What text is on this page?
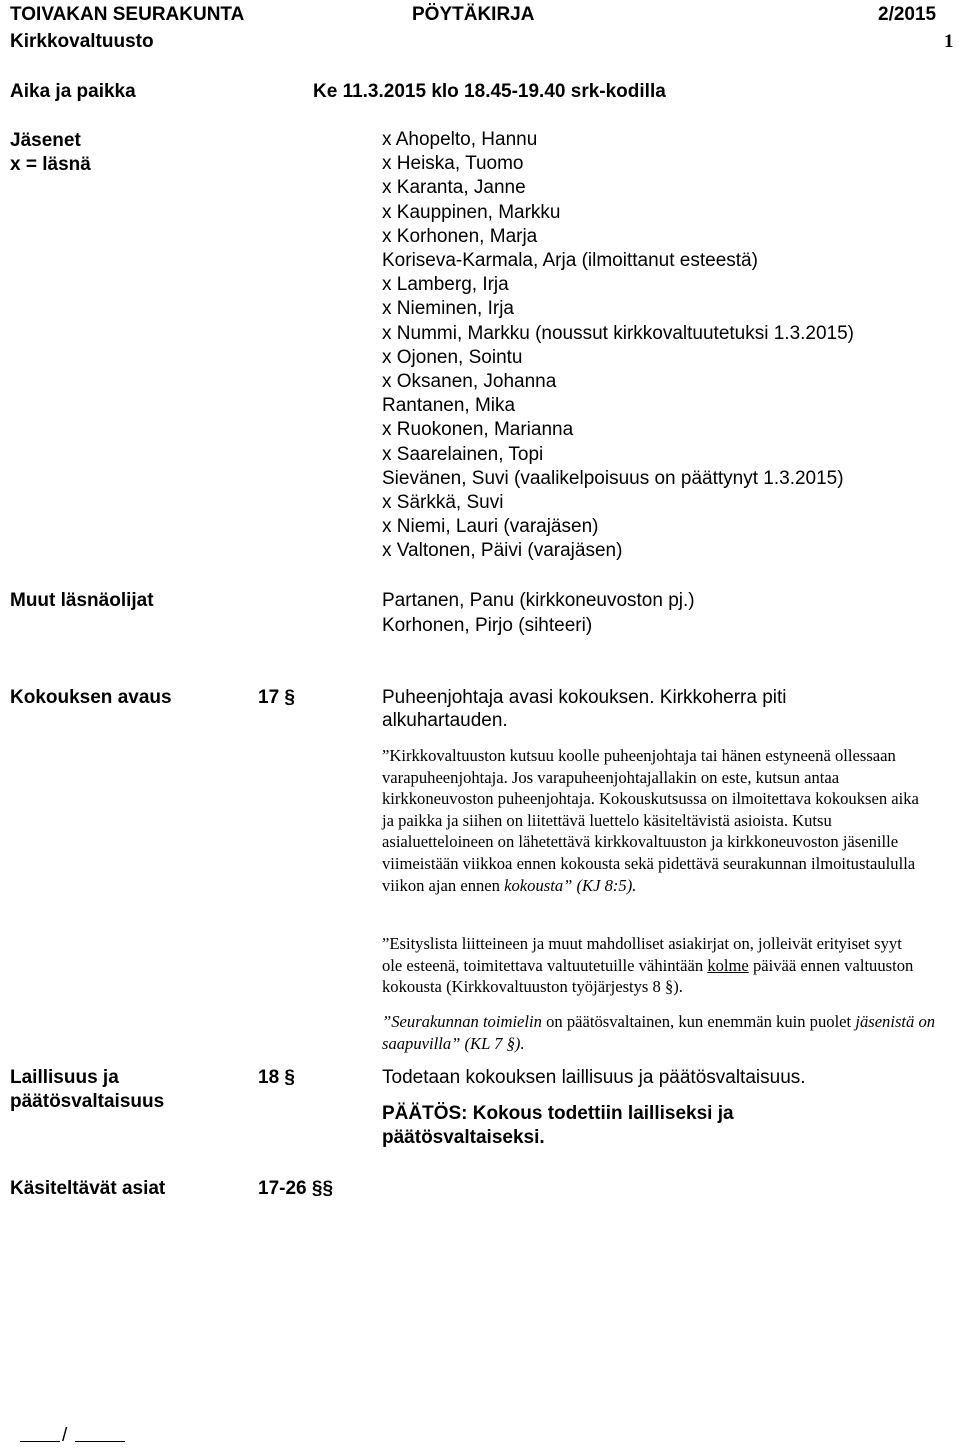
TOIVAKAN SEURAKUNTA	PÖYTÄKIRJA	2/2015
Kirkkovaltuusto	1
Aika ja paikka	Ke 11.3.2015 klo 18.45-19.40 srk-kodilla
Jäsenet
x = läsnä
x Ahopelto, Hannu
x Heiska, Tuomo
x Karanta, Janne
x Kauppinen, Markku
x Korhonen, Marja
Koriseva-Karmala, Arja (ilmoittanut esteestä)
x Lamberg, Irja
x Nieminen, Irja
x Nummi, Markku (noussut kirkkovaltuutetuksi 1.3.2015)
x Ojonen, Sointu
x Oksanen, Johanna
Rantanen, Mika
x Ruokonen, Marianna
x Saarelainen, Topi
Sievänen, Suvi (vaalikelpoisuus on päättynyt 1.3.2015)
x Särkkä, Suvi
x Niemi, Lauri (varajäsen)
x Valtonen, Päivi (varajäsen)
Muut läsnäolijat	Partanen, Panu (kirkkoneuvoston pj.)
Korhonen, Pirjo (sihteeri)
Kokouksen avaus	17 §	Puheenjohtaja avasi kokouksen. Kirkkoherra piti
alkuhartauden.
”Kirkkovaltuuston kutsuu koolle puheenjohtaja tai hänen estyneenä ollessaan varapuheenjohtaja. Jos varapuheenjohtajallakin on este, kutsun antaa kirkkoneuvoston puheenjohtaja. Kokouskutsussa on ilmoitettava kokouksen aika ja paikka ja siihen on liitettävä luettelo käsiteltävistä asioista. Kutsu asialuetteloineen on lähetettävä kirkkovaltuuston ja kirkkoneuvoston jäsenille viimeistään viikkoa ennen kokousta sekä pidettävä seurakunnan ilmoitustaululla viikon ajan ennen kokousta” (KJ 8:5).
”Esityslista liitteineen ja muut mahdolliset asiakirjat on, jolleivät erityiset syyt ole esteenä, toimitettava valtuutetuille vähintään kolme päivää ennen valtuuston kokousta (Kirkkovaltuuston työjärjestys 8 §).
”Seurakunnan toimielin on päätösvaltainen, kun enemmän kuin puolet jäsenistä on saapuvilla” (KL 7 §).
Laillisuus ja
päätösvaltaisuus
18 §	Todetaan kokouksen laillisuus ja päätösvaltaisuus.
PÄÄTÖS: Kokous todettiin lailliseksi ja
päätösvaltaiseksi.
Käsiteltävät asiat	17-26 §§
/
